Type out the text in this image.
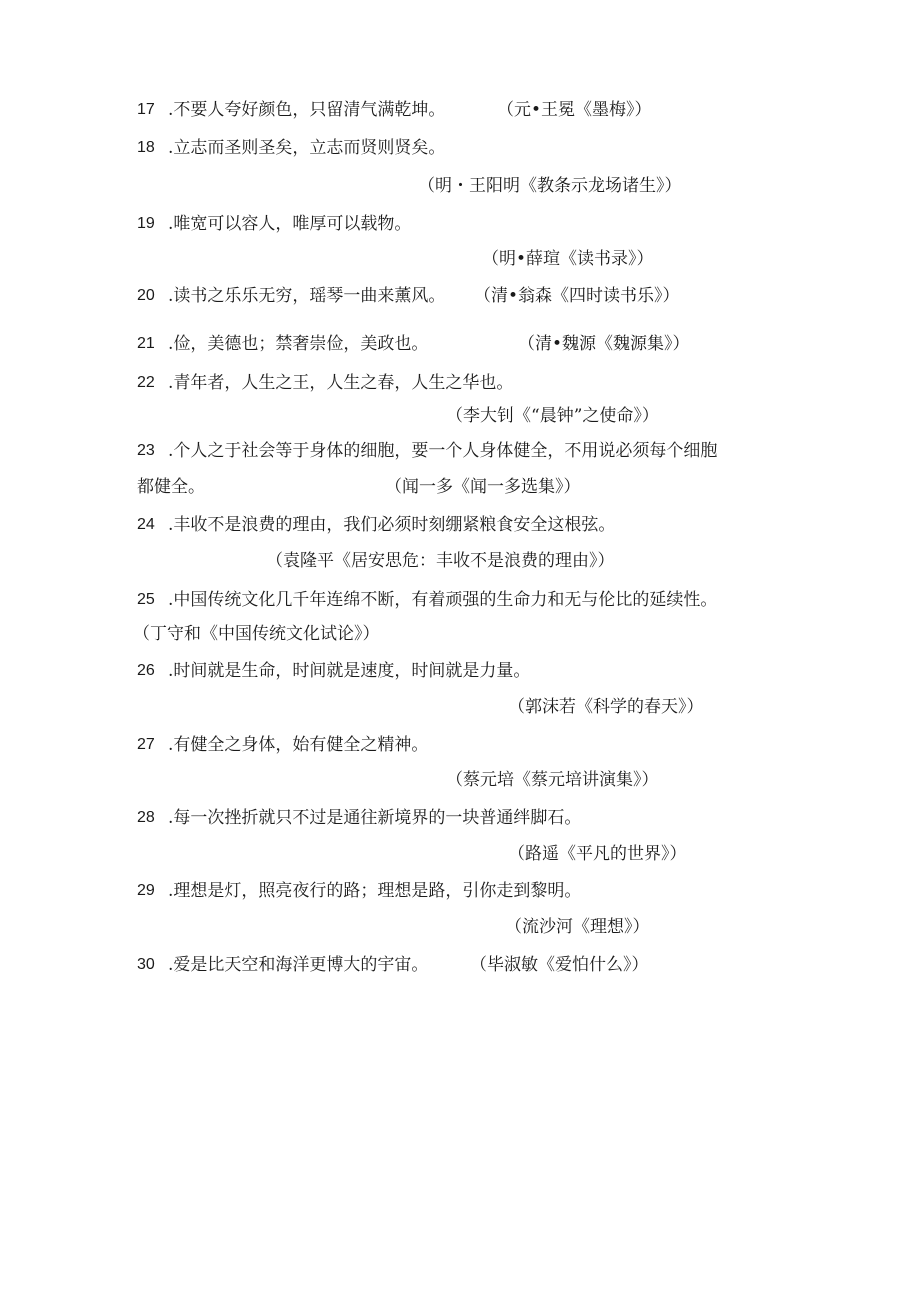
17 .不要人夸好颜色，只留清气满乾坤。	（元•王冕《墨梅》）
18 .立志而圣则圣矣，立志而贤则贤矣。
（明・王阳明《教条示龙场诸生》）
19 .唯宽可以容人，唯厚可以载物。
（明•薛瑄《读书录》）
20 .读书之乐乐无穷，瑶琴一曲来薰风。 （清•翁森《四时读书乐》）
21 .俭，美德也；禁奢崇俭，美政也。	（清•魏源《魏源集》）
22 .青年者，人生之王，人生之春，人生之华也。
（李大钊《“晨钟”之使命》）
23 .个人之于社会等于身体的细胞，要一个人身体健全，不用说必须每个细胞
都健全。	（闻一多《闻一多选集》）
24 .丰收不是浪费的理由，我们必须时刻绷紧粮食安全这根弦。
（袁隆平《居安思危：丰收不是浪费的理由》）
25 .中国传统文化几千年连绵不断，有着顽强的生命力和无与伦比的延续性。
（丁守和《中国传统文化试论》）
26 .时间就是生命，时间就是速度，时间就是力量。
（郭沫若《科学的春天》）
27 .有健全之身体，始有健全之精神。
（蔡元培《蔡元培讲演集》）
28 .每一次挫折就只不过是通往新境界的一块普通绊脚石。
（路遥《平凡的世界》）
29 .理想是灯，照亮夜行的路；理想是路，引你走到黎明。
（流沙河《理想》）
30 .爱是比天空和海洋更博大的宇宙。 （毕淑敏《爱怕什么》）
